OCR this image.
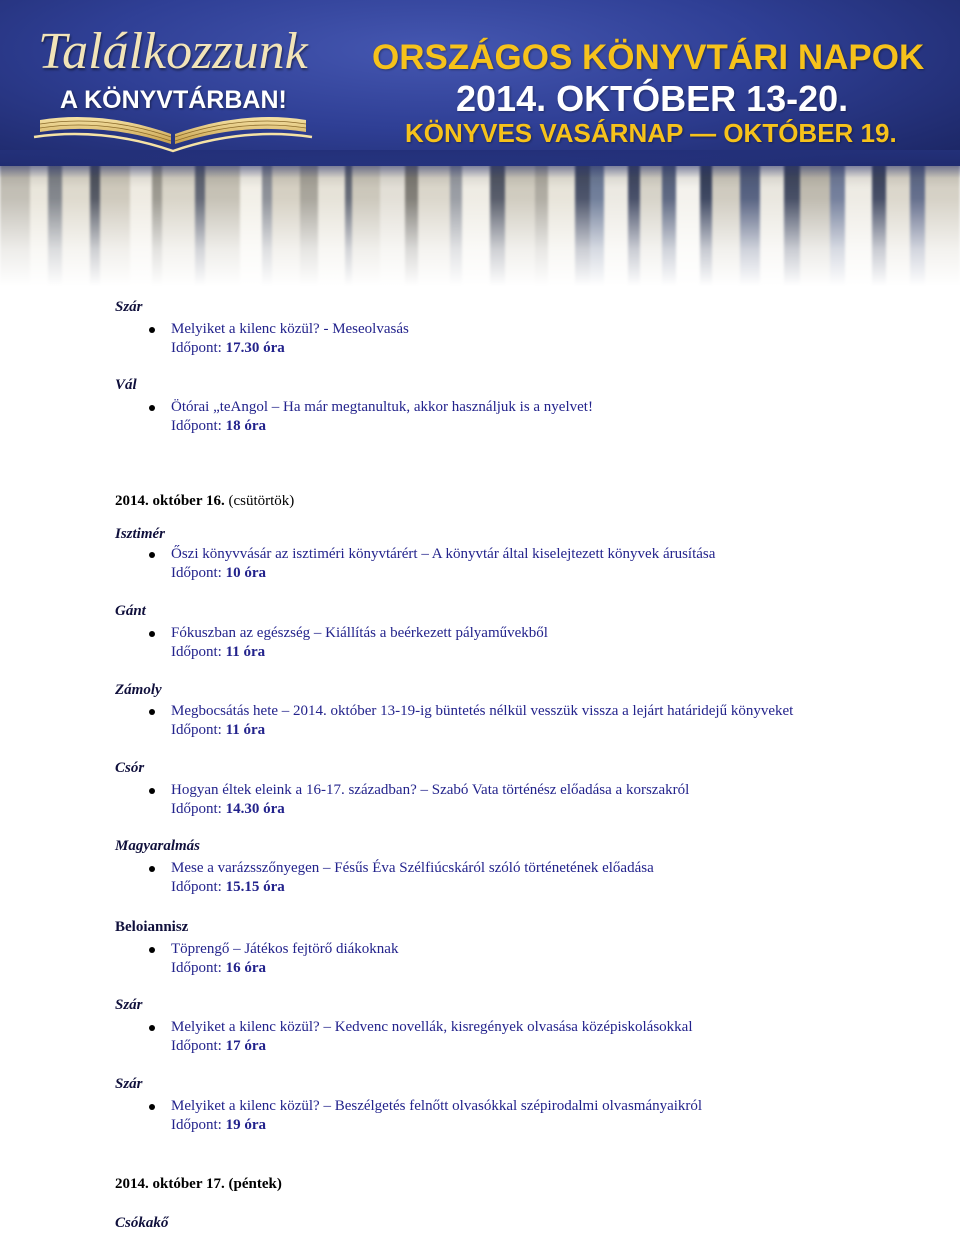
Találkozzunk
A KÖNYVTÁRBAN!
ORSZÁGOS KÖNYVTÁRI NAPOK
2014. OKTÓBER 13-20.
KÖNYVES VASÁRNAP — OKTÓBER 19.
Szár
Melyiket a kilenc közül? - Meseolvasás
Időpont: 17.30 óra
Vál
Ötórai „teAngol – Ha már megtanultuk, akkor használjuk is a nyelvet!
Időpont: 18 óra
2014. október 16. (csütörtök)
Isztimér
Őszi könyvvásár az isztiméri könyvtárért – A könyvtár által kiselejtezett könyvek árusítása
Időpont: 10 óra
Gánt
Fókuszban az egészség – Kiállítás a beérkezett pályaművekből
Időpont: 11 óra
Zámoly
Megbocsátás hete – 2014. október 13-19-ig büntetés nélkül vesszük vissza a lejárt határidejű könyveket
Időpont: 11 óra
Csór
Hogyan éltek eleink a 16-17. században? – Szabó Vata történész előadása a korszakról
Időpont: 14.30 óra
Magyaralmás
Mese a varázsszőnyegen – Fésűs Éva Szélfiúcskáról szóló történetének előadása
Időpont: 15.15 óra
Beloiannisz
Töprengő – Játékos fejtörő diákoknak
Időpont: 16 óra
Szár
Melyiket a kilenc közül? – Kedvenc novellák, kisregények olvasása középiskolásokkal
Időpont: 17 óra
Szár
Melyiket a kilenc közül? – Beszélgetés felnőtt olvasókkal szépirodalmi olvasmányaikról
Időpont: 19 óra
2014. október 17. (péntek)
Csókakő
